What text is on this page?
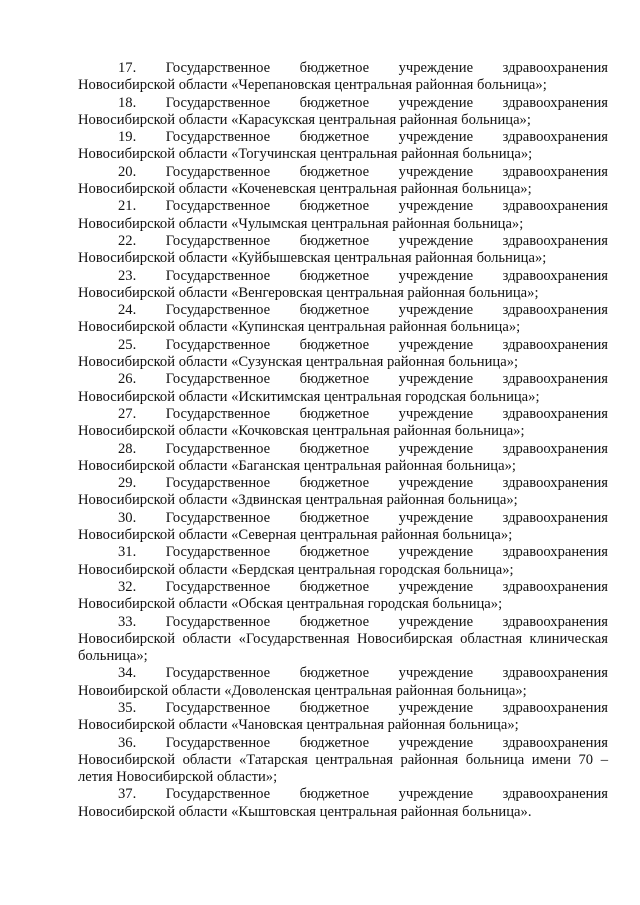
17. Государственное бюджетное учреждение здравоохранения
Новосибирской области «Черепановская центральная районная больница»;
18. Государственное бюджетное учреждение здравоохранения
Новосибирской области «Карасукская центральная районная больница»;
19. Государственное бюджетное учреждение здравоохранения
Новосибирской области «Тогучинская центральная районная больница»;
20. Государственное бюджетное учреждение здравоохранения
Новосибирской области «Коченевская центральная районная больница»;
21. Государственное бюджетное учреждение здравоохранения
Новосибирской области «Чулымская центральная районная больница»;
22. Государственное бюджетное учреждение здравоохранения
Новосибирской области «Куйбышевская центральная районная больница»;
23. Государственное бюджетное учреждение здравоохранения
Новосибирской области «Венгеровская центральная районная больница»;
24. Государственное бюджетное учреждение здравоохранения
Новосибирской области «Купинская центральная районная больница»;
25. Государственное бюджетное учреждение здравоохранения
Новосибирской области «Сузунская центральная районная больница»;
26. Государственное бюджетное учреждение здравоохранения
Новосибирской области «Искитимская центральная городская больница»;
27. Государственное бюджетное учреждение здравоохранения
Новосибирской области «Кочковская центральная районная больница»;
28. Государственное бюджетное учреждение здравоохранения
Новосибирской области «Баганская центральная районная больница»;
29. Государственное бюджетное учреждение здравоохранения
Новосибирской области «Здвинская центральная районная больница»;
30. Государственное бюджетное учреждение здравоохранения
Новосибирской области «Северная центральная районная больница»;
31. Государственное бюджетное учреждение здравоохранения
Новосибирской области «Бердская центральная городская больница»;
32. Государственное бюджетное учреждение здравоохранения
Новосибирской области «Обская центральная городская больница»;
33. Государственное бюджетное учреждение здравоохранения
Новосибирской области «Государственная Новосибирская областная клиническая больница»;
34. Государственное бюджетное учреждение здравоохранения
Новоибирской области «Доволенская центральная районная больница»;
35. Государственное бюджетное учреждение здравоохранения
Новосибирской области «Чановская центральная районная больница»;
36. Государственное бюджетное учреждение здравоохранения
Новосибирской области «Татарская центральная районная больница имени 70 – летия Новосибирской области»;
37. Государственное бюджетное учреждение здравоохранения
Новосибирской области «Кыштовская центральная районная больница».
